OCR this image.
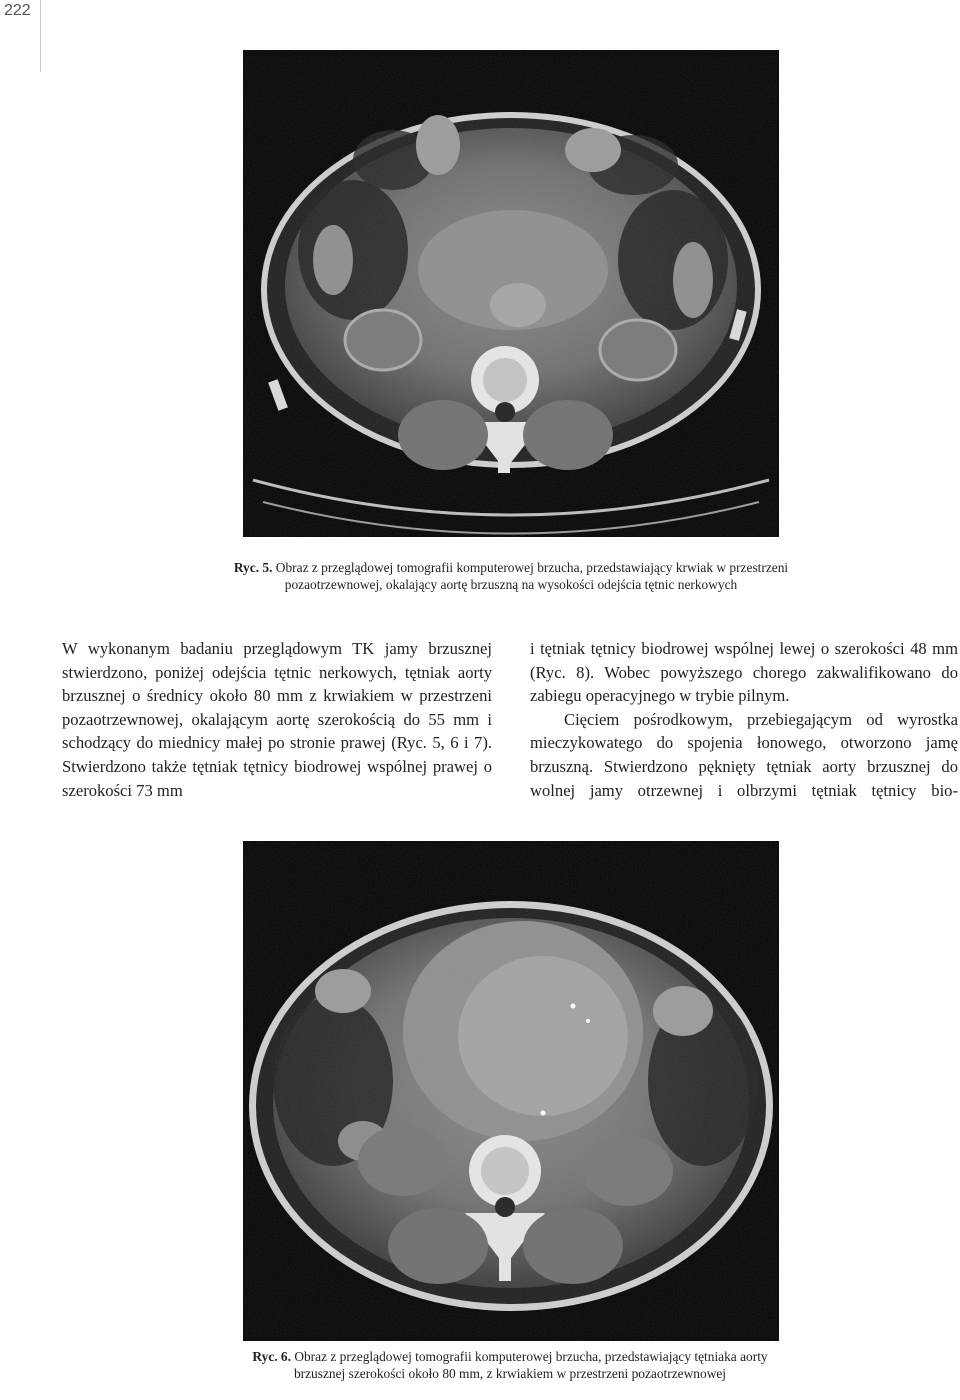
222
Ryc. 5. Obraz z przeglądowej tomografii komputerowej brzucha, przedstawiający krwiak w przestrzeni pozaotrzewnowej, okalający aortę brzuszną na wysokości odejścia tętnic nerkowych

W wykonanym badaniu przeglądowym TK jamy brzusznej stwierdzono, poniżej odejścia tętnic nerkowych, tętniak aorty brzusznej o średnicy około 80 mm z krwiakiem w przestrzeni pozaotrzewnowej, okalającym aortę szerokością do 55 mm i schodzący do miednicy małej po stronie prawej (Ryc. 5, 6 i 7). Stwierdzono także tętniak tętnicy biodrowej wspólnej prawej o szerokości 73 mm

i tętniak tętnicy biodrowej wspólnej lewej o szerokości 48 mm (Ryc. 8). Wobec powyższego chorego zakwalifikowano do zabiegu operacyjnego w trybie pilnym.

Cięciem pośrodkowym, przebiegającym od wyrostka mieczykowatego do spojenia łonowego, otworzono jamę brzuszną. Stwierdzono pęknięty tętniak aorty brzusznej do wolnej jamy otrzewnej i olbrzymi tętniak tętnicy bio-

Ryc. 6. Obraz z przeglądowej tomografii komputerowej brzucha, przedstawiający tętniaka aorty brzusznej szerokości około 80 mm, z krwiakiem w przestrzeni pozaotrzewnowej
